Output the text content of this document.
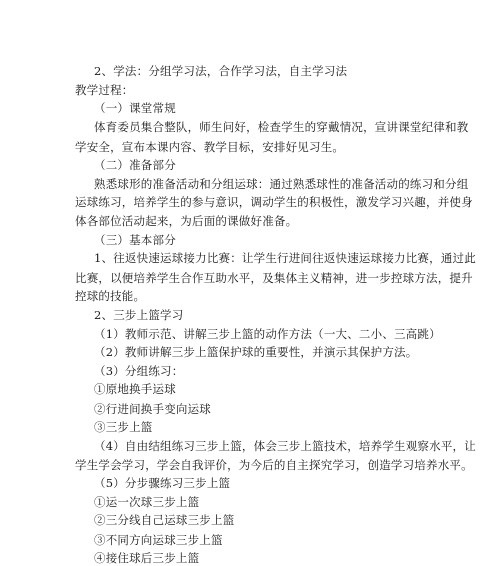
2、学法：分组学习法，合作学习法，自主学习法
教学过程：
（一）课堂常规
体育委员集合整队，师生问好，检查学生的穿戴情况，宣讲课堂纪律和教
学安全，宣布本课内容、教学目标，安排好见习生。
（二）准备部分
熟悉球形的准备活动和分组运球：通过熟悉球性的准备活动的练习和分组
运球练习，培养学生的参与意识，调动学生的积极性，激发学习兴趣，并使身
体各部位活动起来，为后面的课做好准备。
（三）基本部分
1、往返快速运球接力比赛：让学生行进间往返快速运球接力比赛，通过此
比赛，以便培养学生合作互助水平，及集体主义精神，进一步控球方法，提升
控球的技能。
2、三步上篮学习
（1）教师示范、讲解三步上篮的动作方法（一大、二小、三高跳）
（2）教师讲解三步上篮保护球的重要性，并演示其保护方法。
（3）分组练习：
①原地换手运球
②行进间换手变向运球
③三步上篮
（4）自由结组练习三步上篮，体会三步上篮技术，培养学生观察水平，让
学生学会学习，学会自我评价，为今后的自主探究学习，创造学习培养水平。
（5）分步骤练习三步上篮
①运一次球三步上篮
②三分线自己运球三步上篮
③不同方向运球三步上篮
④接住球后三步上篮
